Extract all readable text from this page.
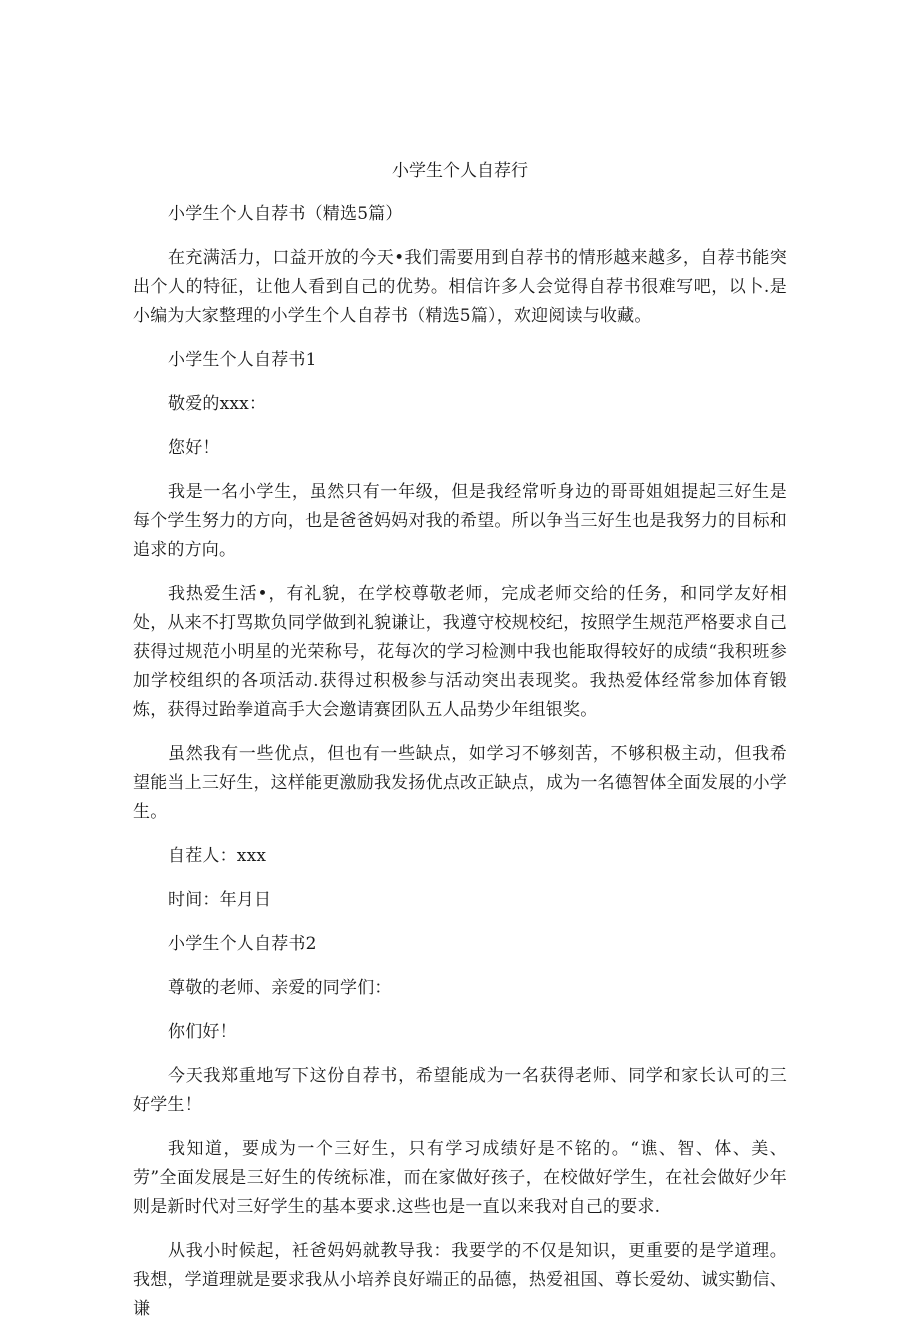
小学生个人自荐行

小学生个人自荐书（精选5篇）

在充满活力，口益开放的今天•我们需要用到自荐书的情形越来越多，自荐书能突出个人的特征，让他人看到自己的优势。相信许多人会觉得自荐书很难写吧，以卜.是小编为大家整理的小学生个人自荐书（精选5篇），欢迎阅读与收藏。

小学生个人自荐书1

敬爱的xxx：

您好！

我是一名小学生，虽然只有一年级，但是我经常听身边的哥哥姐姐提起三好生是每个学生努力的方向，也是爸爸妈妈对我的希望。所以争当三好生也是我努力的目标和追求的方向。

我热爱生活•，有礼貌，在学校尊敬老师，完成老师交给的任务，和同学友好相处，从来不打骂欺负同学做到礼貌谦让，我遵守校规校纪，按照学生规范严格要求自己获得过规范小明星的光荣称号，花每次的学习检测中我也能取得较好的成绩“我积班参加学校组织的各项活动.获得过积极参与活动突出表现奖。我热爱体经常参加体育锻炼，获得过跆拳道高手大会邀请赛团队五人品势少年组银奖。

虽然我有一些优点，但也有一些缺点，如学习不够刻苦，不够积极主动，但我希望能当上三好生，这样能更激励我发扬优点改正缺点，成为一名德智体全面发展的小学生。

自茬人：xxx

时间：年月日

小学生个人自荐书2

尊敬的老师、亲爱的同学们：

你们好！

今天我郑重地写下这份自荐书，希望能成为一名获得老师、同学和家长认可的三好学生！

我知道，要成为一个三好生，只有学习成绩好是不铭的。“谯、智、体、美、劳”全面发展是三好生的传统标准，而在家做好孩子，在校做好学生，在社会做好少年则是新时代对三好学生的基本要求.这些也是一直以来我对自己的要求.

从我小时候起，衽爸妈妈就教导我：我要学的不仅是知识，更重要的是学道理。我想，学道理就是要求我从小培养良好端正的品德，热爱祖国、尊长爱幼、诚实勤信、谦
